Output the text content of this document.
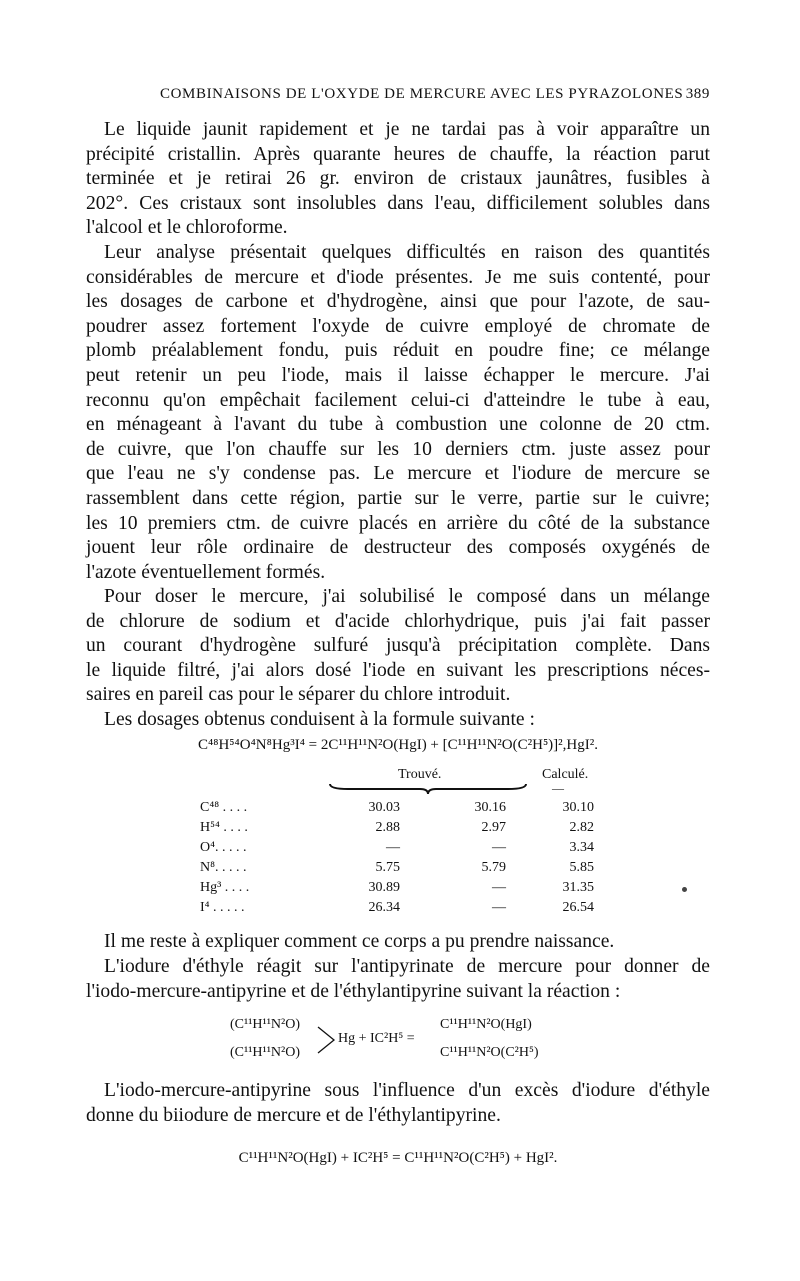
COMBINAISONS DE L'OXYDE DE MERCURE AVEC LES PYRAZOLONES 389
Le liquide jaunit rapidement et je ne tardai pas à voir apparaître un
précipité cristallin. Après quarante heures de chauffe, la réaction parut
terminée et je retirai 26 gr. environ de cristaux jaunâtres, fusibles à
202°. Ces cristaux sont insolubles dans l'eau, difficilement solubles dans
l'alcool et le chloroforme.
Leur analyse présentait quelques difficultés en raison des quantités
considérables de mercure et d'iode présentes. Je me suis contenté, pour
les dosages de carbone et d'hydrogène, ainsi que pour l'azote, de sau-
poudrer assez fortement l'oxyde de cuivre employé de chromate de
plomb préalablement fondu, puis réduit en poudre fine; ce mélange
peut retenir un peu l'iode, mais il laisse échapper le mercure. J'ai
reconnu qu'on empêchait facilement celui-ci d'atteindre le tube à eau,
en ménageant à l'avant du tube à combustion une colonne de 20 ctm.
de cuivre, que l'on chauffe sur les 10 derniers ctm. juste assez pour
que l'eau ne s'y condense pas. Le mercure et l'iodure de mercure se
rassemblent dans cette région, partie sur le verre, partie sur le cuivre;
les 10 premiers ctm. de cuivre placés en arrière du côté de la substance
jouent leur rôle ordinaire de destructeur des composés oxygénés de
l'azote éventuellement formés.
Pour doser le mercure, j'ai solubilisé le composé dans un mélange
de chlorure de sodium et d'acide chlorhydrique, puis j'ai fait passer
un courant d'hydrogène sulfuré jusqu'à précipitation complète. Dans
le liquide filtré, j'ai alors dosé l'iode en suivant les prescriptions néces-
saires en pareil cas pour le séparer du chlore introduit.
Les dosages obtenus conduisent à la formule suivante :
C⁴⁸H⁵⁴O⁴N⁸Hg³I⁴ = 2C¹¹H¹¹N²O(HgI) + [C¹¹H¹¹N²O(C²H⁵)]²,HgI².
Trouvé.	Calculé.
—
C⁴⁸ . . . .	30.03	30.16	30.10
H⁵⁴ . . . .	2.88	2.97	2.82
O⁴. . . . .	—	—	3.34
N⁸. . . . .	5.75	5.79	5.85
Hg³ . . . .	30.89	—	31.35
I⁴ . . . . .	26.34	—	26.54
Il me reste à expliquer comment ce corps a pu prendre naissance.
L'iodure d'éthyle réagit sur l'antipyrinate de mercure pour donner de
l'iodo-mercure-antipyrine et de l'éthylantipyrine suivant la réaction :
(C¹¹H¹¹N²O)
(C¹¹H¹¹N²O)
Hg + IC²H⁵ =
C¹¹H¹¹N²O(HgI)
C¹¹H¹¹N²O(C²H⁵)
L'iodo-mercure-antipyrine sous l'influence d'un excès d'iodure d'éthyle
donne du biiodure de mercure et de l'éthylantipyrine.
C¹¹H¹¹N²O(HgI) + IC²H⁵ = C¹¹H¹¹N²O(C²H⁵) + HgI².
